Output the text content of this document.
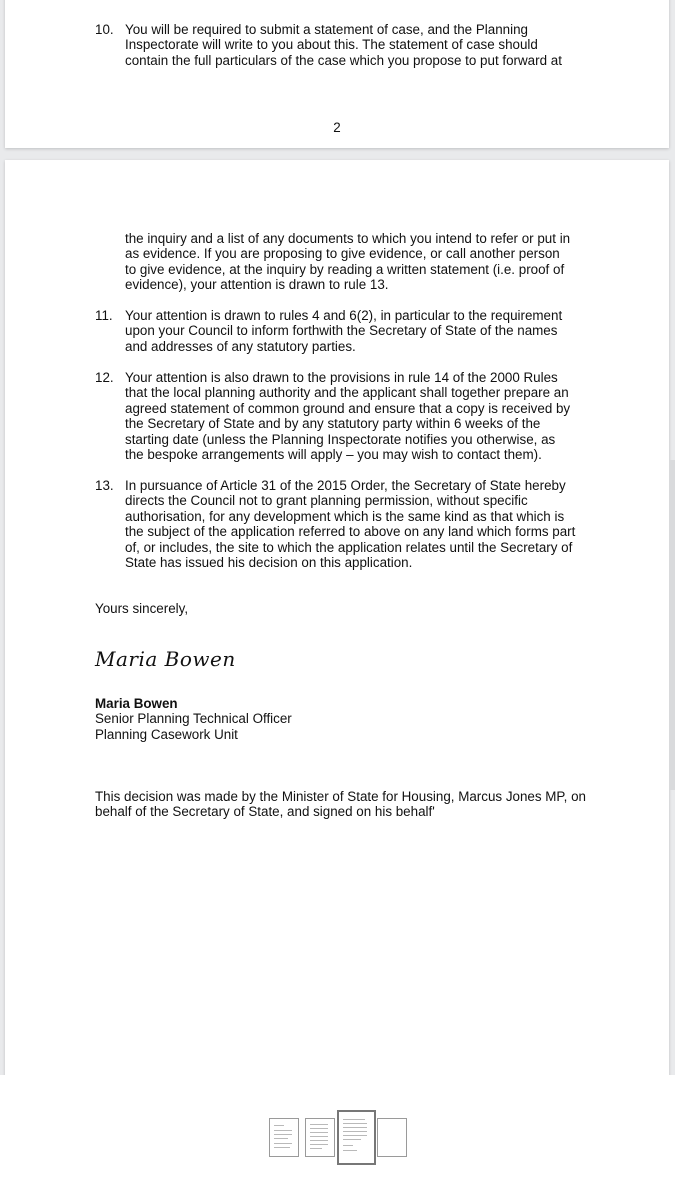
10. You will be required to submit a statement of case, and the Planning
Inspectorate will write to you about this. The statement of case should
contain the full particulars of the case which you propose to put forward at
2
the inquiry and a list of any documents to which you intend to refer or put in
as evidence. If you are proposing to give evidence, or call another person
to give evidence, at the inquiry by reading a written statement (i.e. proof of
evidence), your attention is drawn to rule 13.
11. Your attention is drawn to rules 4 and 6(2), in particular to the requirement
upon your Council to inform forthwith the Secretary of State of the names
and addresses of any statutory parties.
12. Your attention is also drawn to the provisions in rule 14 of the 2000 Rules
that the local planning authority and the applicant shall together prepare an
agreed statement of common ground and ensure that a copy is received by
the Secretary of State and by any statutory party within 6 weeks of the
starting date (unless the Planning Inspectorate notifies you otherwise, as
the bespoke arrangements will apply – you may wish to contact them).
13. In pursuance of Article 31 of the 2015 Order, the Secretary of State hereby
directs the Council not to grant planning permission, without specific
authorisation, for any development which is the same kind as that which is
the subject of the application referred to above on any land which forms part
of, or includes, the site to which the application relates until the Secretary of
State has issued his decision on this application.
Yours sincerely,
Maria Bowen
Maria Bowen
Senior Planning Technical Officer
Planning Casework Unit
This decision was made by the Minister of State for Housing, Marcus Jones MP, on
behalf of the Secretary of State, and signed on his behalf'
